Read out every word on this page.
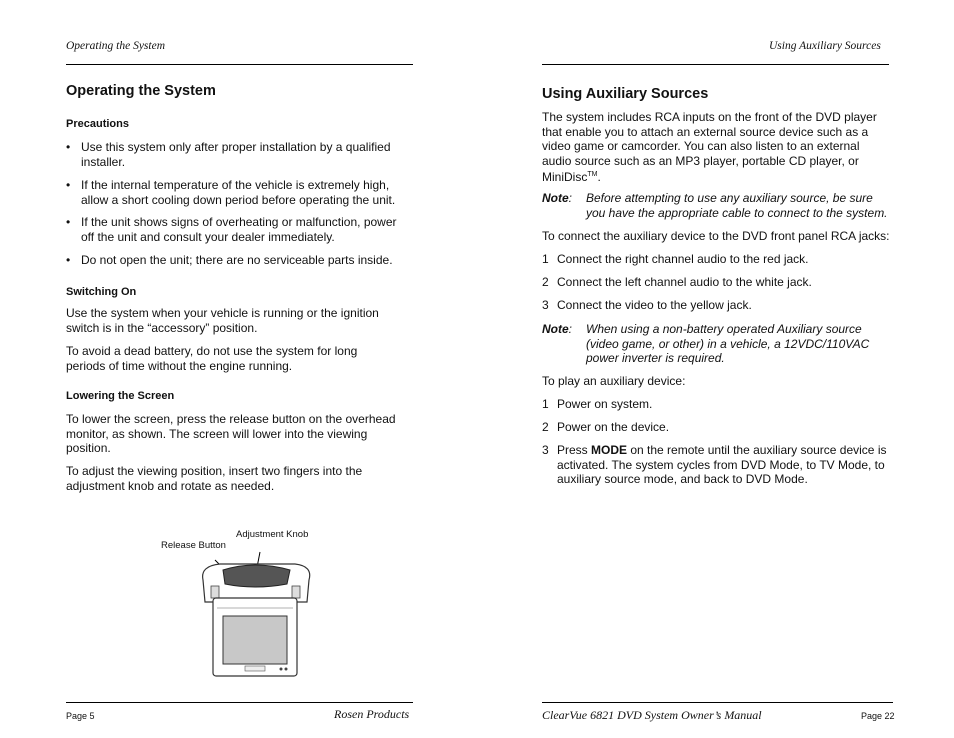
Operating the System
Operating the System
Precautions
• Use this system only after proper installation by a qualified installer.
• If the internal temperature of the vehicle is extremely high, allow a short cooling down period before operating the unit.
• If the unit shows signs of overheating or malfunction, power off the unit and consult your dealer immediately.
• Do not open the unit; there are no serviceable parts inside.
Switching On
Use the system when your vehicle is running or the ignition switch is in the “accessory” position.
To avoid a dead battery, do not use the system for long periods of time without the engine running.
Lowering the Screen
To lower the screen, press the release button on the overhead monitor, as shown. The screen will lower into the viewing position.
To adjust the viewing position, insert two fingers into the adjustment knob and rotate as needed.
Adjustment Knob
Release Button
Page 5	Rosen Products
Using Auxiliary Sources
Using Auxiliary Sources
The system includes RCA inputs on the front of the DVD player that enable you to attach an external source device such as a video game or camcorder. You can also listen to an external audio source such as an MP3 player, portable CD player, or MiniDisc™.
Note: Before attempting to use any auxiliary source, be sure you have the appropriate cable to connect to the system.
To connect the auxiliary device to the DVD front panel RCA jacks:
1 Connect the right channel audio to the red jack.
2 Connect the left channel audio to the white jack.
3 Connect the video to the yellow jack.
Note: When using a non-battery operated Auxiliary source (video game, or other) in a vehicle, a 12VDC/110VAC power inverter is required.
To play an auxiliary device:
1 Power on system.
2 Power on the device.
3 Press MODE on the remote until the auxiliary source device is activated. The system cycles from DVD Mode, to TV Mode, to auxiliary source mode, and back to DVD Mode.
ClearVue 6821 DVD System Owner’s Manual	Page 22
